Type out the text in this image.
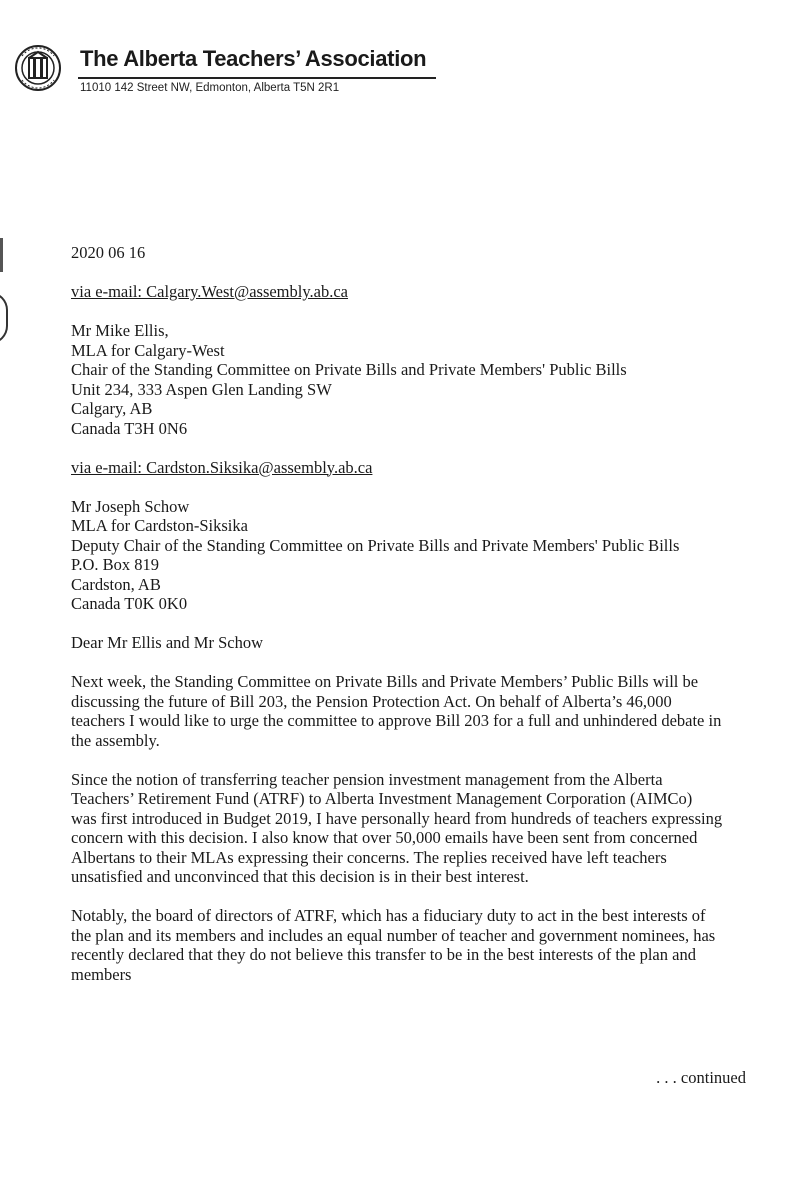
The Alberta Teachers’ Association
11010 142 Street NW, Edmonton, Alberta T5N 2R1

2020 06 16

via e-mail: Calgary.West@assembly.ab.ca

Mr Mike Ellis,
MLA for Calgary-West
Chair of the Standing Committee on Private Bills and Private Members' Public Bills
Unit 234, 333 Aspen Glen Landing SW
Calgary, AB
Canada T3H 0N6

via e-mail: Cardston.Siksika@assembly.ab.ca

Mr Joseph Schow
MLA for Cardston-Siksika
Deputy Chair of the Standing Committee on Private Bills and Private Members' Public Bills
P.O. Box 819
Cardston, AB
Canada T0K 0K0

Dear Mr Ellis and Mr Schow

Next week, the Standing Committee on Private Bills and Private Members’ Public Bills will be
discussing the future of Bill 203, the Pension Protection Act. On behalf of Alberta’s 46,000
teachers I would like to urge the committee to approve Bill 203 for a full and unhindered debate in
the assembly.
Since the notion of transferring teacher pension investment management from the Alberta
Teachers’ Retirement Fund (ATRF) to Alberta Investment Management Corporation (AIMCo)
was first introduced in Budget 2019, I have personally heard from hundreds of teachers expressing
concern with this decision. I also know that over 50,000 emails have been sent from concerned
Albertans to their MLAs expressing their concerns. The replies received have left teachers
unsatisfied and unconvinced that this decision is in their best interest.
Notably, the board of directors of ATRF, which has a fiduciary duty to act in the best interests of
the plan and its members and includes an equal number of teacher and government nominees, has
recently declared that they do not believe this transfer to be in the best interests of the plan and
members
. . . continued
